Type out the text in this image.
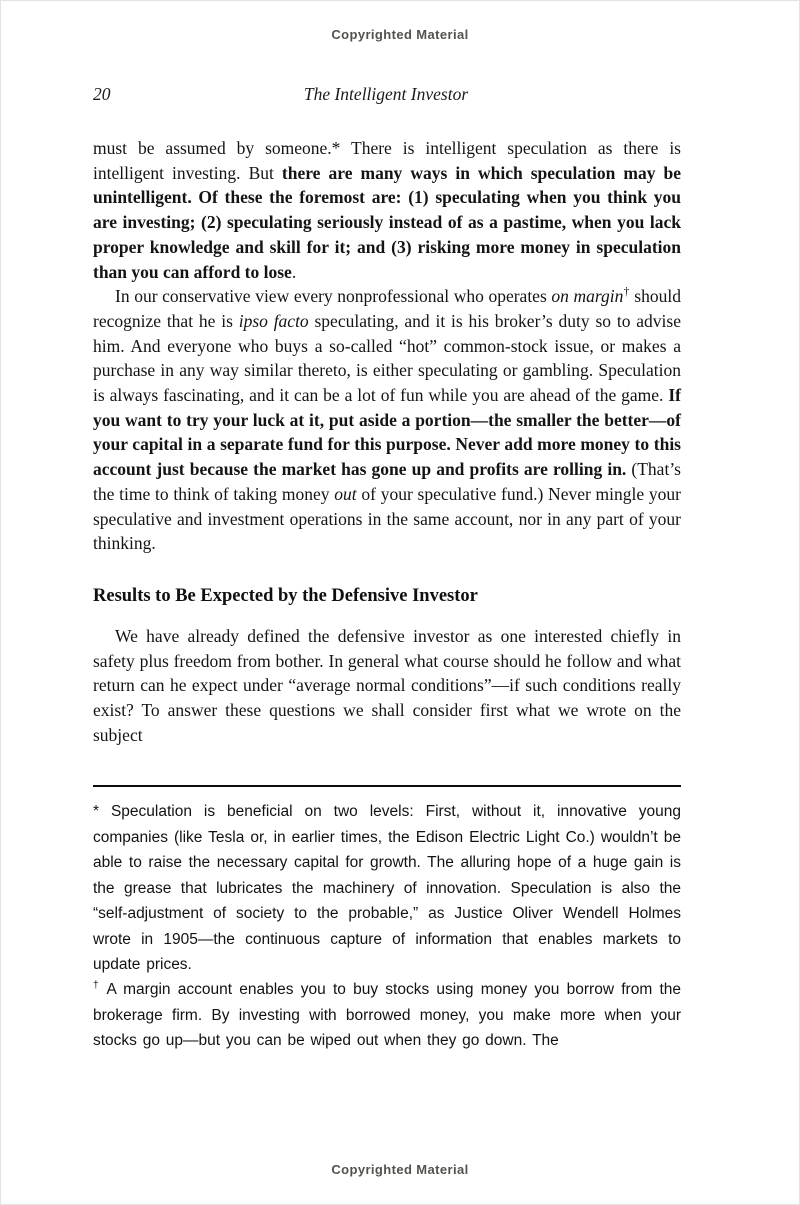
Copyrighted Material
20	The Intelligent Investor

must be assumed by someone.* There is intelligent speculation as there is intelligent investing. But there are many ways in which speculation may be unintelligent. Of these the foremost are: (1) speculating when you think you are investing; (2) speculating seriously instead of as a pastime, when you lack proper knowledge and skill for it; and (3) risking more money in speculation than you can afford to lose.

In our conservative view every nonprofessional who operates on margin† should recognize that he is ipso facto speculating, and it is his broker’s duty so to advise him. And everyone who buys a so-called “hot” common-stock issue, or makes a purchase in any way similar thereto, is either speculating or gambling. Speculation is always fascinating, and it can be a lot of fun while you are ahead of the game. If you want to try your luck at it, put aside a portion—the smaller the better—of your capital in a separate fund for this purpose. Never add more money to this account just because the market has gone up and profits are rolling in. (That’s the time to think of taking money out of your speculative fund.) Never mingle your speculative and investment operations in the same account, nor in any part of your thinking.

Results to Be Expected by the Defensive Investor

We have already defined the defensive investor as one interested chiefly in safety plus freedom from bother. In general what course should he follow and what return can he expect under “average normal conditions”—if such conditions really exist? To answer these questions we shall consider first what we wrote on the subject

* Speculation is beneficial on two levels: First, without it, innovative young companies (like Tesla or, in earlier times, the Edison Electric Light Co.) wouldn’t be able to raise the necessary capital for growth. The alluring hope of a huge gain is the grease that lubricates the machinery of innovation. Speculation is also the “self-adjustment of society to the probable,” as Justice Oliver Wendell Holmes wrote in 1905—the continuous capture of information that enables markets to update prices.

† A margin account enables you to buy stocks using money you borrow from the brokerage firm. By investing with borrowed money, you make more when your stocks go up—but you can be wiped out when they go down. The

Copyrighted Material
